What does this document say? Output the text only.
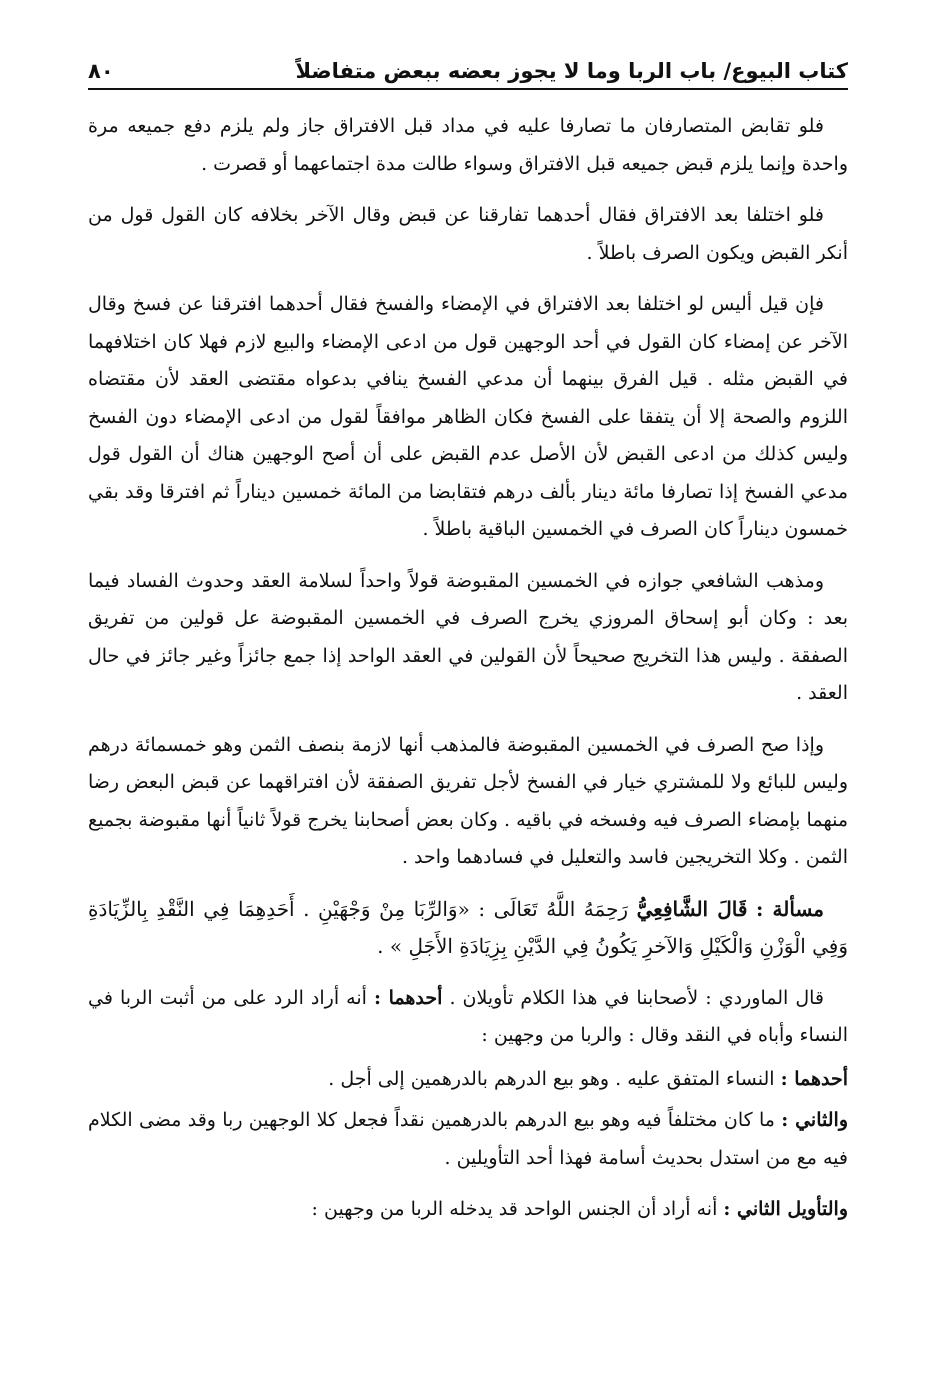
كتاب البيوع/ باب الربا وما لا يجوز بعضه ببعض متفاضلاً
٨٠

فلو تقابض المتصارفان ما تصارفا عليه في مداد قبل الافتراق جاز ولم يلزم دفع جميعه مرة واحدة وإنما يلزم قبض جميعه قبل الافتراق وسواء طالت مدة اجتماعهما أو قصرت .

فلو اختلفا بعد الافتراق فقال أحدهما تفارقنا عن قبض وقال الآخر بخلافه كان القول قول من أنكر القبض ويكون الصرف باطلاً .

فإن قيل أليس لو اختلفا بعد الافتراق في الإمضاء والفسخ فقال أحدهما افترقنا عن فسخ وقال الآخر عن إمضاء كان القول في أحد الوجهين قول من ادعى الإمضاء والبيع لازم فهلا كان اختلافهما في القبض مثله . قيل الفرق بينهما أن مدعي الفسخ ينافي بدعواه مقتضى العقد لأن مقتضاه اللزوم والصحة إلا أن يتفقا على الفسخ فكان الظاهر موافقاً لقول من ادعى الإمضاء دون الفسخ وليس كذلك من ادعى القبض لأن الأصل عدم القبض على أن أصح الوجهين هناك أن القول قول مدعي الفسخ إذا تصارفا مائة دينار بألف درهم فتقابضا من المائة خمسين ديناراً ثم افترقا وقد بقي خمسون ديناراً كان الصرف في الخمسين الباقية باطلاً .

ومذهب الشافعي جوازه في الخمسين المقبوضة قولاً واحداً لسلامة العقد وحدوث الفساد فيما بعد : وكان أبو إسحاق المروزي يخرج الصرف في الخمسين المقبوضة عل قولين من تفريق الصفقة . وليس هذا التخريج صحيحاً لأن القولين في العقد الواحد إذا جمع جائزاً وغير جائز في حال العقد .

وإذا صح الصرف في الخمسين المقبوضة فالمذهب أنها لازمة بنصف الثمن وهو خمسمائة درهم وليس للبائع ولا للمشتري خيار في الفسخ لأجل تفريق الصفقة لأن افتراقهما عن قبض البعض رضا منهما بإمضاء الصرف فيه وفسخه في باقيه . وكان بعض أصحابنا يخرج قولاً ثانياً أنها مقبوضة بجميع الثمن . وكلا التخريجين فاسد والتعليل في فسادهما واحد .

مسألة : قَالَ الشَّافِعِيُّ رَحِمَهُ اللَّهُ تَعَالَى : «وَالرِّبَا مِنْ وَجْهَيْنِ . أَحَدِهِمَا فِي النَّقْدِ بِالزِّيَادَةِ وَفِي الْوَزْنِ وَالْكَيْلِ وَالآخرِ يَكُونُ فِي الدَّيْنِ بِزِيَادَةِ الأَجَلِ » .

قال الماوردي : لأصحابنا في هذا الكلام تأويلان . أحدهما : أنه أراد الرد على من أثبت الربا في النساء وأباه في النقد وقال : والربا من وجهين :

أحدهما : النساء المتفق عليه . وهو بيع الدرهم بالدرهمين إلى أجل .

والثاني : ما كان مختلفاً فيه وهو بيع الدرهم بالدرهمين نقداً فجعل كلا الوجهين ربا وقد مضى الكلام فيه مع من استدل بحديث أسامة فهذا أحد التأويلين .

والتأويل الثاني : أنه أراد أن الجنس الواحد قد يدخله الربا من وجهين :
